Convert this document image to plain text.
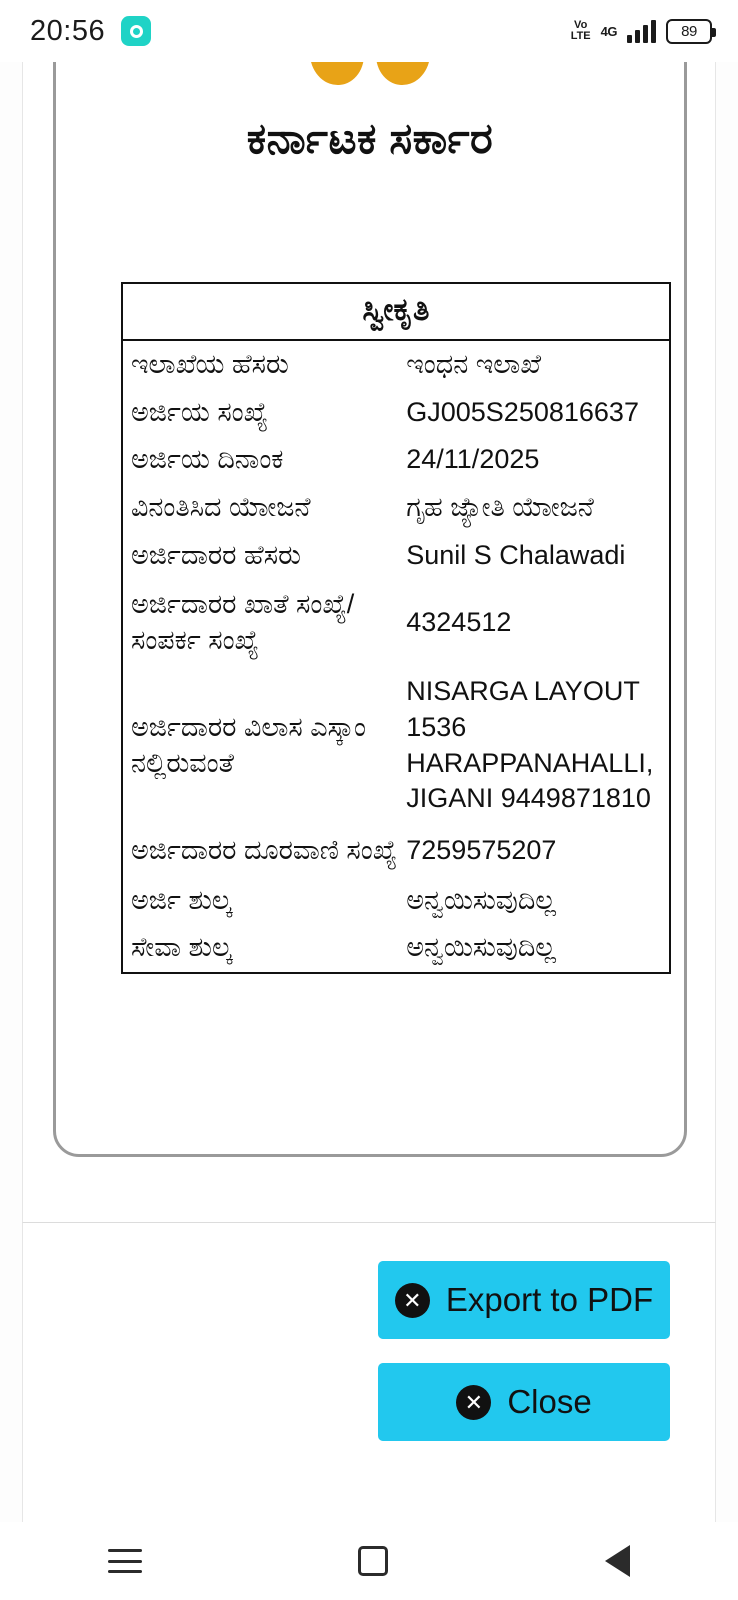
20:56	Vo
LTE 4G	89
ಕರ್ನಾಟಕ ಸರ್ಕಾರ
ಸ್ವೀಕೃತಿ
ಇಲಾಖೆಯ ಹೆಸರು	ಇಂಧನ ಇಲಾಖೆ
ಅರ್ಜಿಯ ಸಂಖ್ಯೆ	GJ005S250816637
ಅರ್ಜಿಯ ದಿನಾಂಕ	24/11/2025
ವಿನಂತಿಸಿದ ಯೆಾೕಜನೆ	ಗೃಹ ಜ್ಯೆಾೕತಿ ಯೆಾೕಜನೆ
ಅರ್ಜಿದಾರರ ಹೆಸರು	Sunil S Chalawadi
ಅರ್ಜಿದಾರರ ಖಾತೆ ಸಂಖ್ಯೆ/ ಸಂಪರ್ಕ ಸಂಖ್ಯೆ	4324512
ಅರ್ಜಿದಾರರ ವಿಲಾಸ ಎಸ್ಕಾಂ ನಲ್ಲಿರುವಂತೆ	NISARGA LAYOUT 1536 HARAPPANAHALLI, JIGANI 9449871810
ಅರ್ಜಿದಾರರ ದೂರವಾಣಿ ಸಂಖ್ಯೆ	7259575207
ಅರ್ಜಿ ಶುಲ್ಕ	ಅನ್ವಯಿಸುವುದಿಲ್ಲ
ಸೇವಾ ಶುಲ್ಕ	ಅನ್ವಯಿಸುವುದಿಲ್ಲ
✕ Export to PDF
✕ Close
